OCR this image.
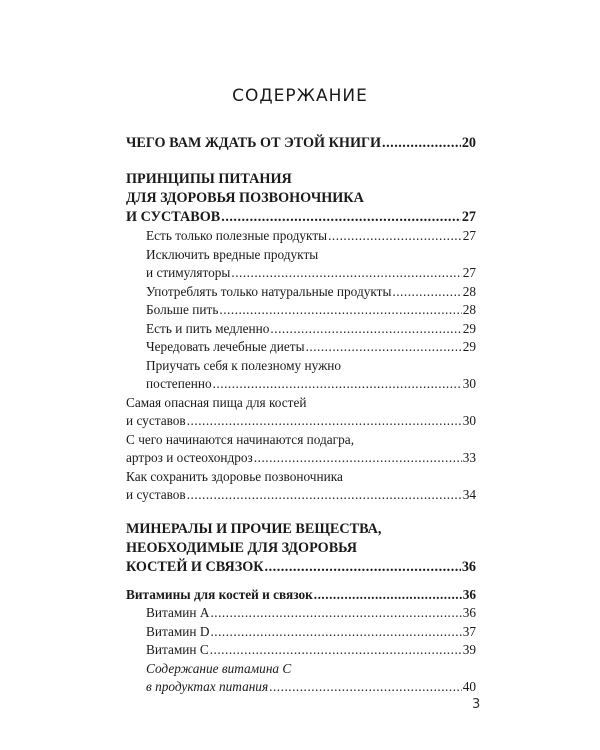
СОДЕРЖАНИЕ
ЧЕГО ВАМ ЖДАТЬ ОТ ЭТОЙ КНИГИ .....	20
ПРИНЦИПЫ ПИТАНИЯ
ДЛЯ ЗДОРОВЬЯ ПОЗВОНОЧНИКА
И СУСТАВОВ .....	27
Есть только полезные продукты .....	27
Исключить вредные продукты
и стимуляторы .....	27
Употреблять только натуральные продукты .....	28
Больше пить .....	28
Есть и пить медленно .....	29
Чередовать лечебные диеты .....	29
Приучать себя к полезному нужно
постепенно .....	30
Самая опасная пища для костей
и суставов .....	30
С чего начинаются начинаются подагра,
артроз и остеохондроз .....	33
Как сохранить здоровье позвоночника
и суставов .....	34
МИНЕРАЛЫ И ПРОЧИЕ ВЕЩЕСТВА,
НЕОБХОДИМЫЕ ДЛЯ ЗДОРОВЬЯ
КОСТЕЙ И СВЯЗОК .....	36
Витамины для костей и связок .....	36
Витамин А .....	36
Витамин D .....	37
Витамин С .....	39
Содержание витамина С
в продуктах питания .....	40
3
